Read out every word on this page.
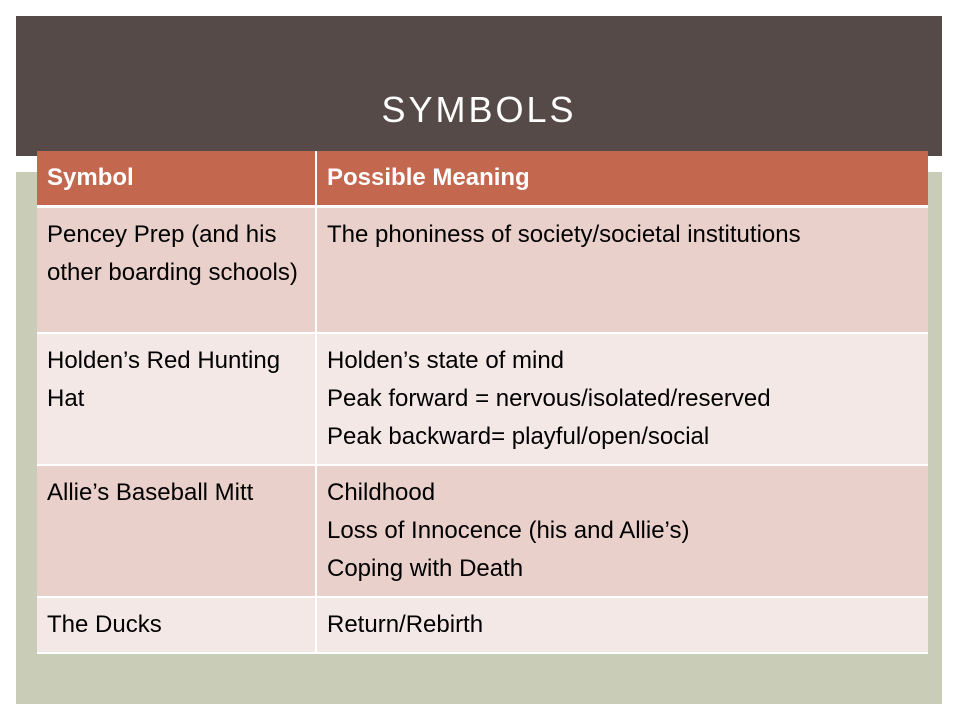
SYMBOLS
Symbol	Possible Meaning
Pencey Prep (and his other boarding schools)	The phoniness of society/societal institutions

Holden’s Red Hunting Hat	Holden’s state of mind
Peak forward = nervous/isolated/reserved
Peak backward= playful/open/social

Allie’s Baseball Mitt	Childhood
Loss of Innocence (his and Allie’s)
Coping with Death

The Ducks	Return/Rebirth
